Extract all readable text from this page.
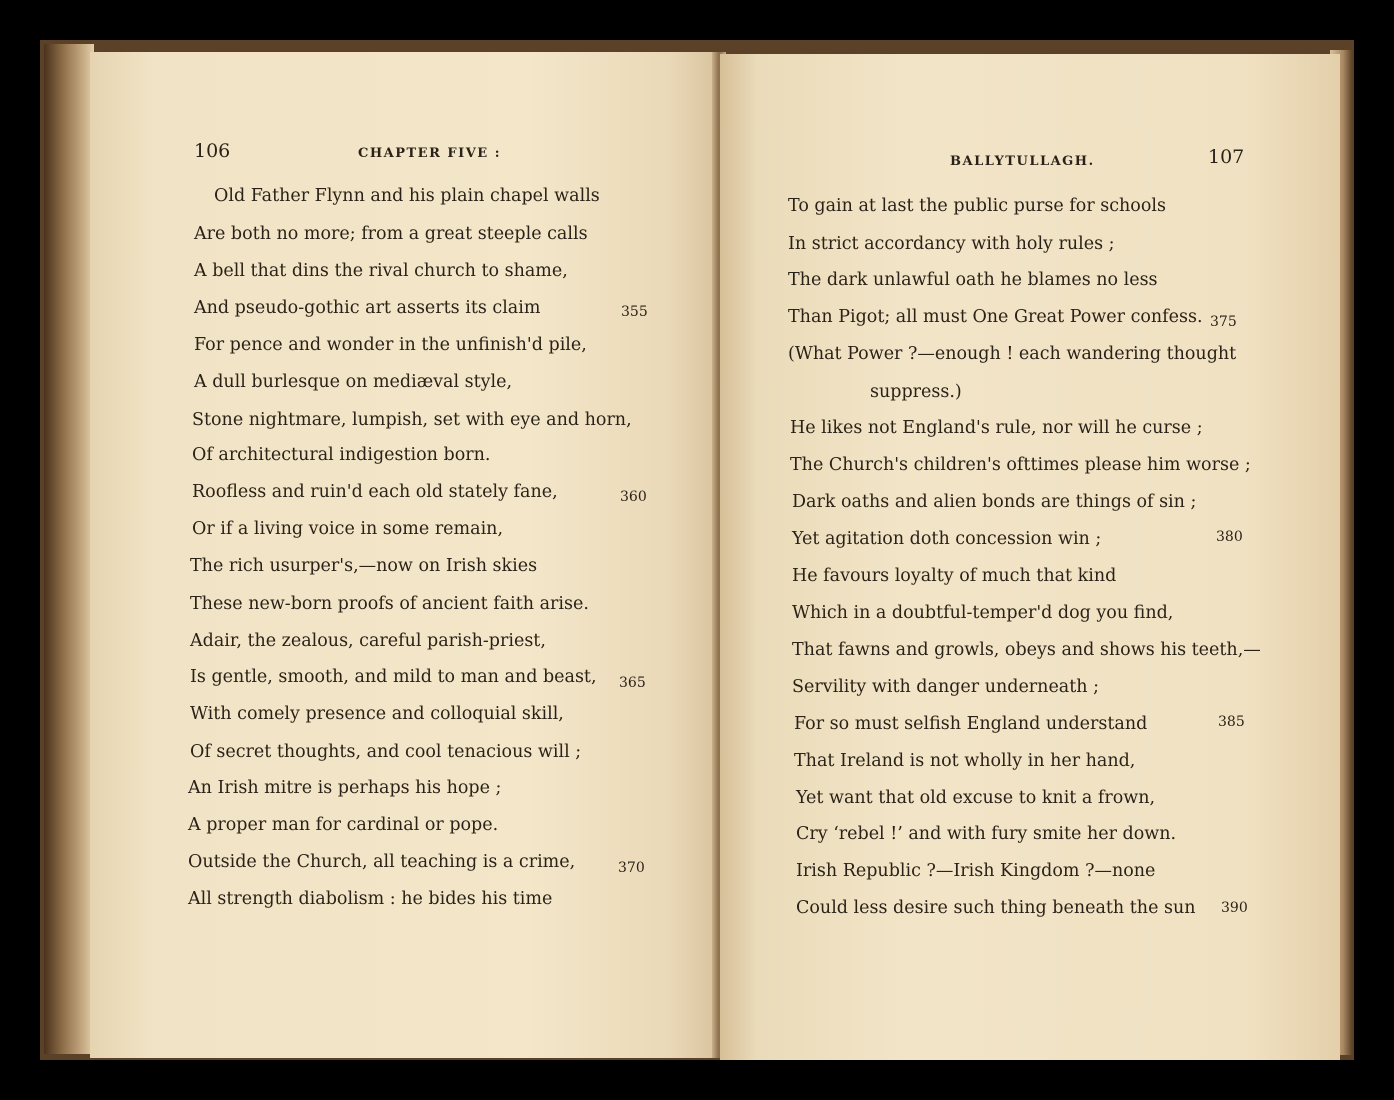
106	CHAPTER FIVE :
Old Father Flynn and his plain chapel walls
Are both no more; from a great steeple calls
A bell that dins the rival church to shame,
And pseudo-gothic art asserts its claim
For pence and wonder in the unfinish'd pile,
A dull burlesque on mediæval style,
Stone nightmare, lumpish, set with eye and horn,
Of architectural indigestion born.
Roofless and ruin'd each old stately fane,
Or if a living voice in some remain,
The rich usurper's,—now on Irish skies
These new-born proofs of ancient faith arise.
Adair, the zealous, careful parish-priest,
Is gentle, smooth, and mild to man and beast,
With comely presence and colloquial skill,
Of secret thoughts, and cool tenacious will ;
An Irish mitre is perhaps his hope ;
A proper man for cardinal or pope.
Outside the Church, all teaching is a crime,
All strength diabolism : he bides his time
355
360
365
370
BALLYTULLAGH.	107
To gain at last the public purse for schools
In strict accordancy with holy rules ;
The dark unlawful oath he blames no less
Than Pigot; all must One Great Power confess.
(What Power ?—enough ! each wandering thought
suppress.)
He likes not England's rule, nor will he curse ;
The Church's children's ofttimes please him worse ;
Dark oaths and alien bonds are things of sin ;
Yet agitation doth concession win ;
He favours loyalty of much that kind
Which in a doubtful-temper'd dog you find,
That fawns and growls, obeys and shows his teeth,—
Servility with danger underneath ;
For so must selfish England understand
That Ireland is not wholly in her hand,
Yet want that old excuse to knit a frown,
Cry ‘rebel !’ and with fury smite her down.
Irish Republic ?—Irish Kingdom ?—none
Could less desire such thing beneath the sun
375
380
385
390
